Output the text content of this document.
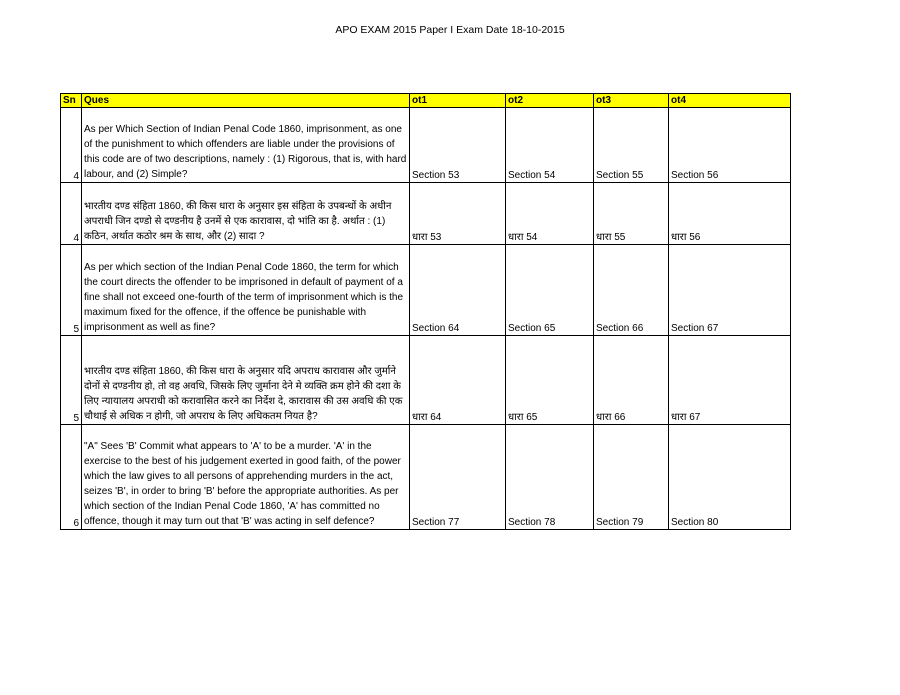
APO EXAM 2015 Paper I Exam Date 18-10-2015
Sn	Ques	ot1	ot2	ot3	ot4
4	As per Which Section of Indian Penal Code 1860, imprisonment, as one of the punishment to which offenders are liable under the provisions of this code are of two descriptions, namely : (1) Rigorous, that is, with hard labour, and (2) Simple?	Section 53	Section 54	Section 55	Section 56
4	भारतीय दण्ड संहिता 1860, की किस धारा के अनुसार इस संहिता के उपबन्धों के अधीन अपराधी जिन दण्डो से दण्डनीय है उनमें से एक कारावास, दो भांति का है. अर्थात : (1) कठिन, अर्थात कठोर श्रम के साथ, और (2) सादा ?	धारा 53	धारा 54	धारा 55	धारा 56
5	As per which section of the Indian Penal Code 1860, the term for which the court directs the offender to be imprisoned in default of payment of a fine shall not exceed one-fourth of the term of imprisonment which is the maximum fixed for the offence, if the offence be punishable with imprisonment as well as fine?	Section 64	Section 65	Section 66	Section 67
5	भारतीय दण्ड संहिता 1860, की किस धारा के अनुसार यदि अपराध कारावास और जुर्माने दोनों से दण्डनीय हो, तो वह अवधि, जिसके लिए जुर्माना देने मे व्यक्ति क्रम होने की दशा के लिए न्यायालय अपराधी को करावासित करने का निर्देश दे, कारावास की उस अवधि की एक चौथाई से अधिक न होगी, जो अपराध के लिए अधिकतम नियत है?	धारा 64	धारा 65	धारा 66	धारा 67
6	"A" Sees 'B' Commit what appears to 'A' to be a murder. 'A' in the exercise to the best of his judgement exerted in good faith, of the power which the law gives to all persons of apprehending murders in the act, seizes 'B', in order to bring 'B' before the appropriate authorities. As per which section of the Indian Penal Code 1860, 'A' has committed no offence, though it may turn out that 'B' was acting in self defence?	Section 77	Section 78	Section 79	Section 80
